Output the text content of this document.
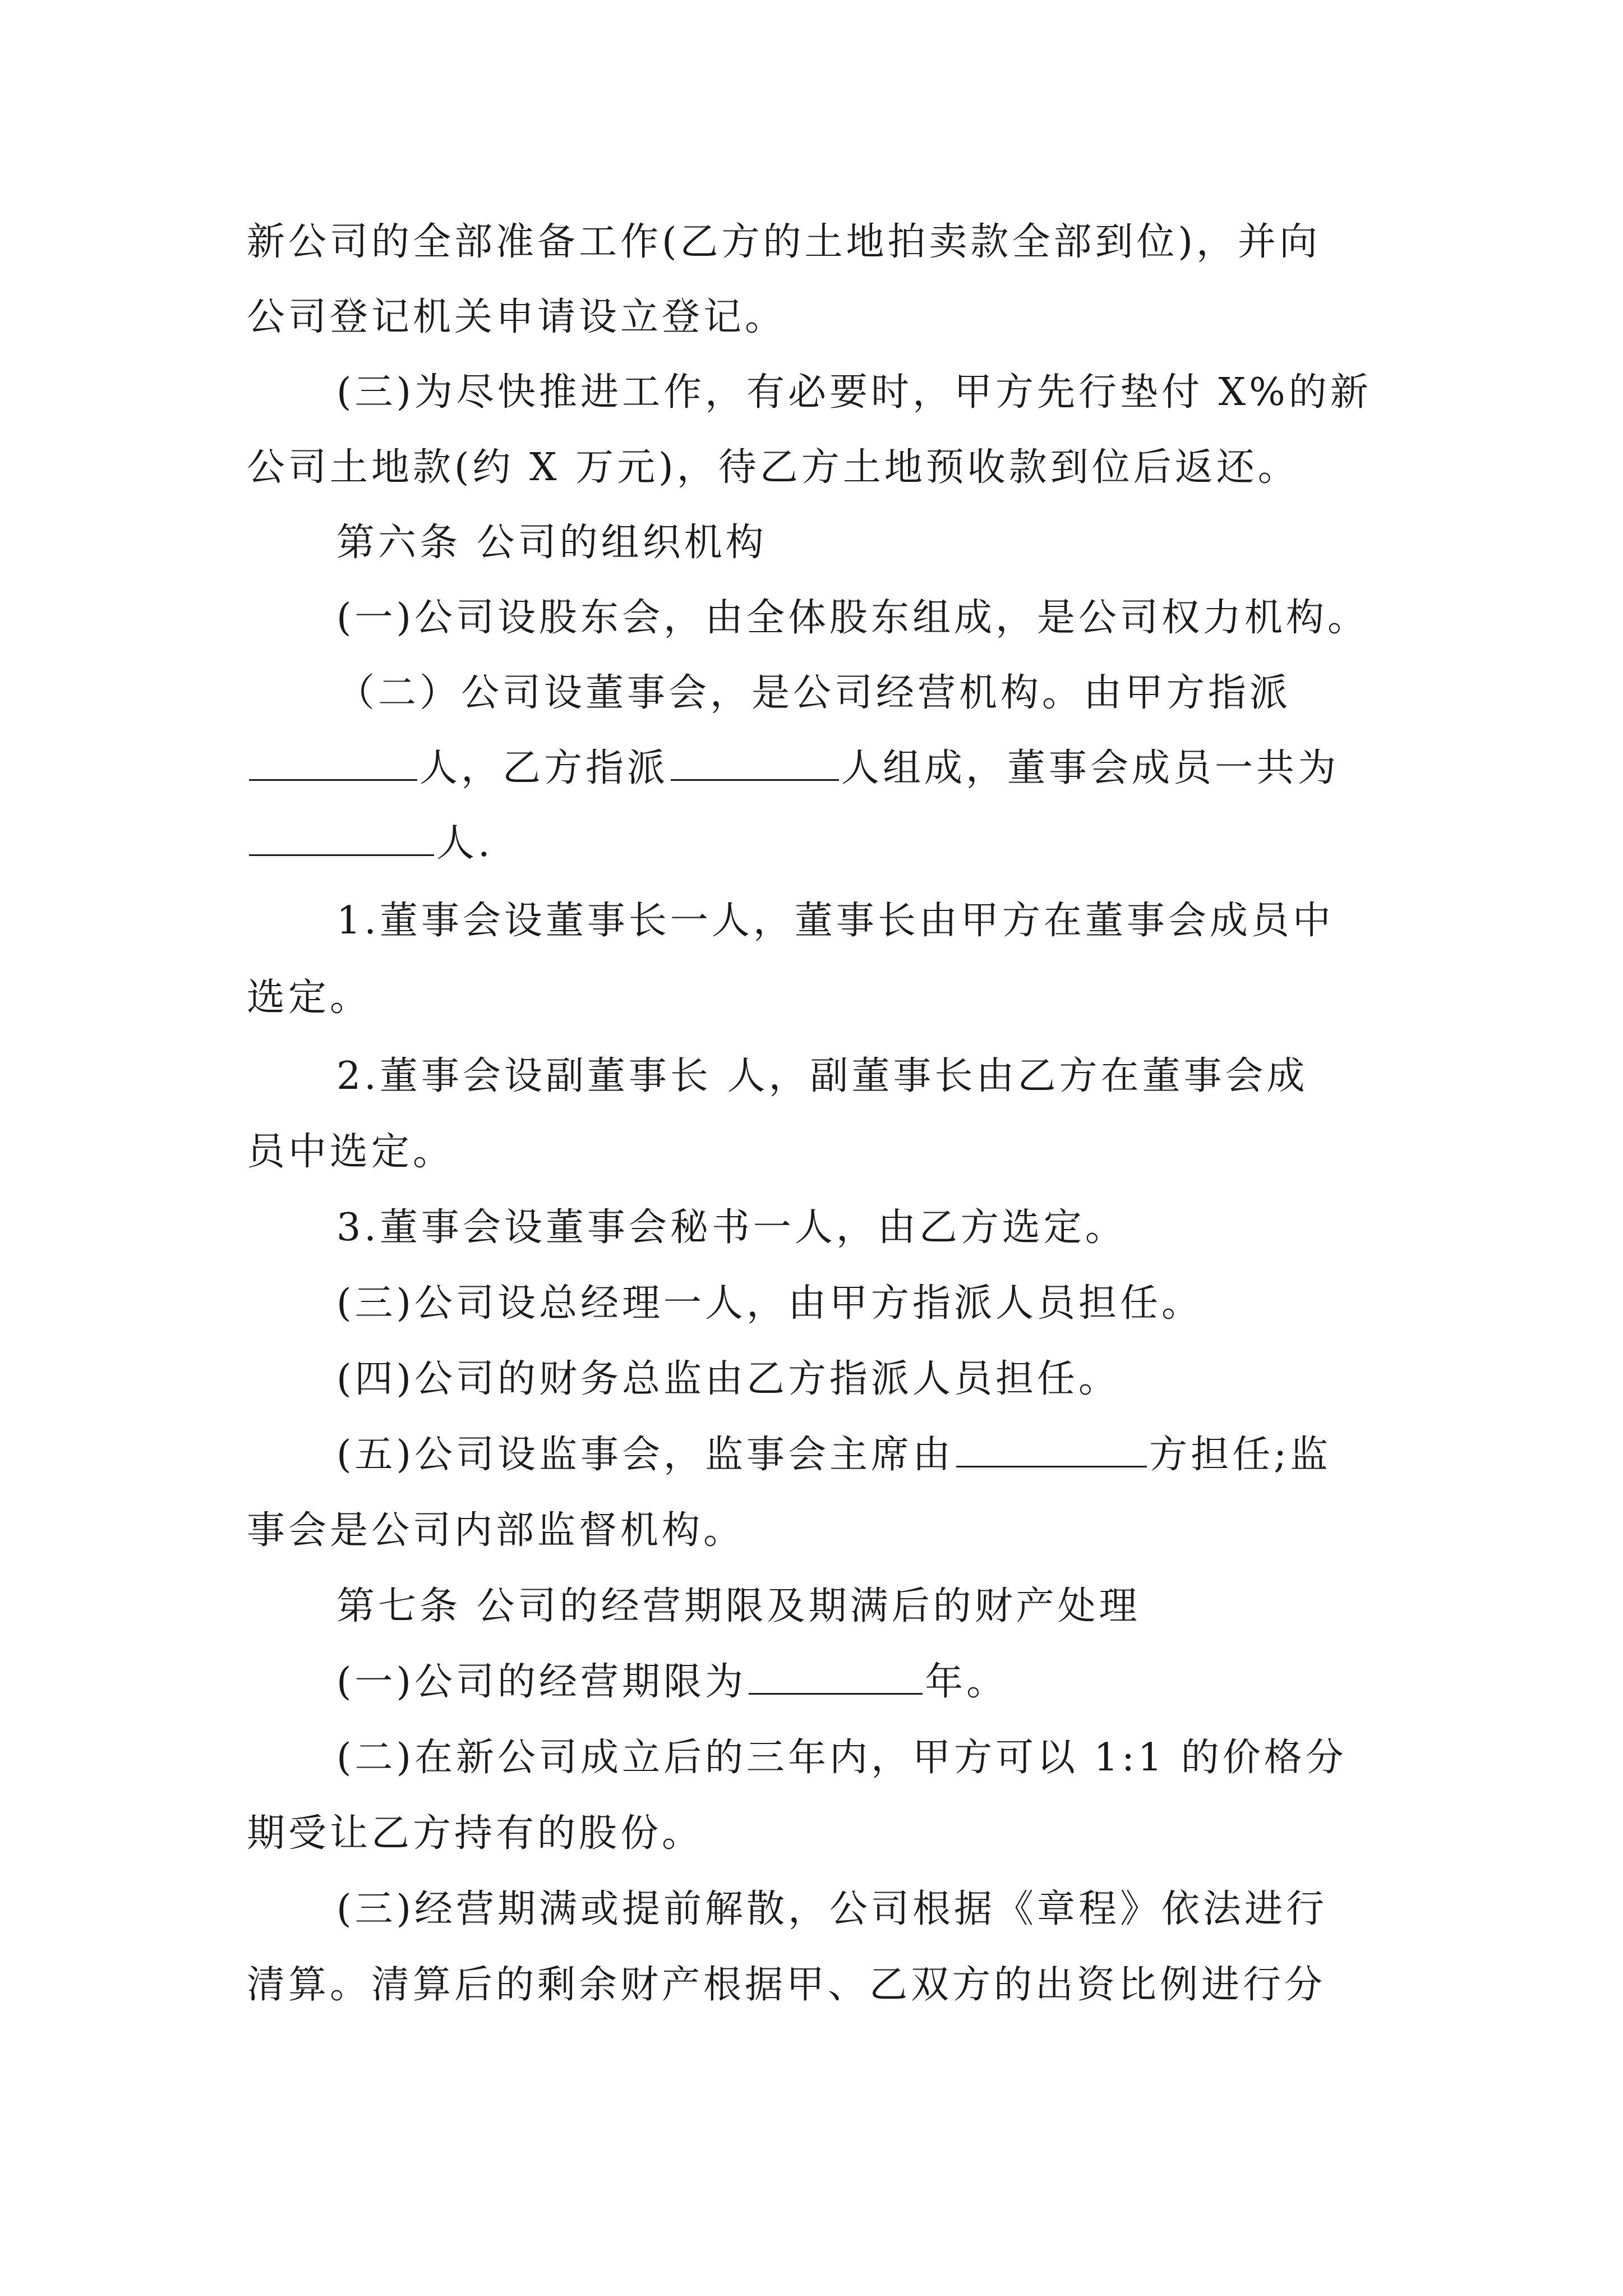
新公司的全部准备工作(乙方的土地拍卖款全部到位)，并向
公司登记机关申请设立登记。
(三)为尽快推进工作，有必要时，甲方先行垫付 X%的新
公司土地款(约 X 万元)，待乙方土地预收款到位后返还。
第六条 公司的组织机构
(一)公司设股东会，由全体股东组成，是公司权力机构。
（二）公司设董事会，是公司经营机构。由甲方指派
人，乙方指派	人组成，董事会成员一共为
人.
1.董事会设董事长一人，董事长由甲方在董事会成员中
选定。
2.董事会设副董事长 人，副董事长由乙方在董事会成
员中选定。
3.董事会设董事会秘书一人，由乙方选定。
(三)公司设总经理一人，由甲方指派人员担任。
(四)公司的财务总监由乙方指派人员担任。
(五)公司设监事会，监事会主席由	方担任;监
事会是公司内部监督机构。
第七条 公司的经营期限及期满后的财产处理
(一)公司的经营期限为	年。
(二)在新公司成立后的三年内，甲方可以 1:1 的价格分
期受让乙方持有的股份。
(三)经营期满或提前解散，公司根据《章程》依法进行
清算。清算后的剩余财产根据甲、乙双方的出资比例进行分
